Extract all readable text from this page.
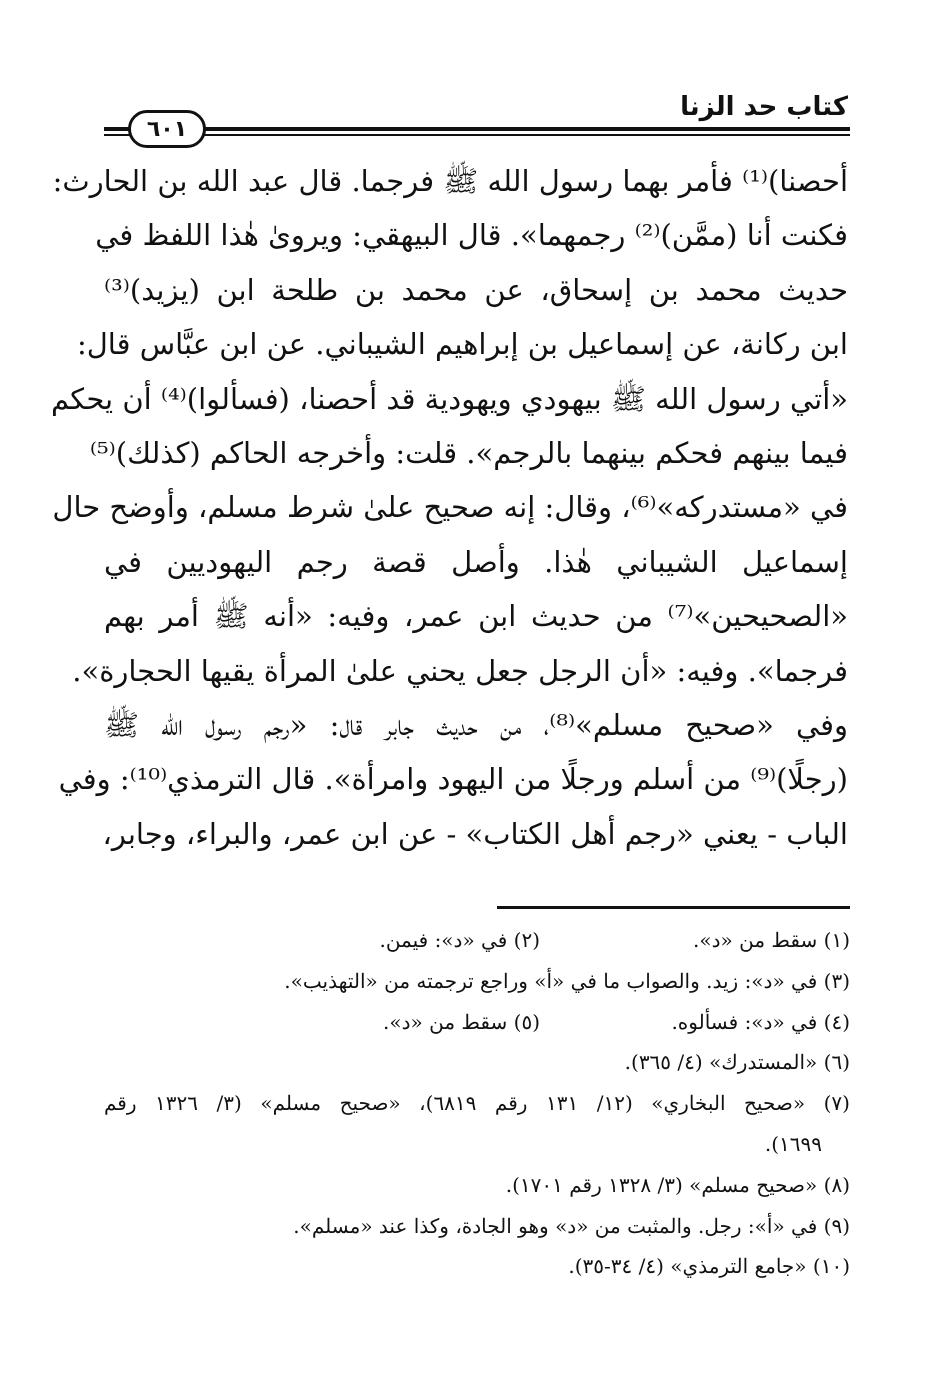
كتاب حد الزنا
٦٠١
أحصنا)⁽¹⁾ فأمر بهما رسول الله ﷺ فرجما. قال عبد الله بن الحارث:
فكنت أنا (ممَّن)⁽²⁾ رجمهما». قال البيهقي: ويروىٰ هٰذا اللفظ في
حديث محمد بن إسحاق، عن محمد بن طلحة ابن (يزيد)⁽³⁾
ابن ركانة، عن إسماعيل بن إبراهيم الشيباني. عن ابن عبَّاس قال:
«أتي رسول الله ﷺ بيهودي ويهودية قد أحصنا، (فسألوا)⁽⁴⁾ أن يحكم
فيما بينهم فحكم بينهما بالرجم». قلت: وأخرجه الحاكم (كذلك)⁽⁵⁾
في «مستدركه»⁽⁶⁾، وقال: إنه صحيح علىٰ شرط مسلم، وأوضح حال
إسماعيل الشيباني هٰذا. وأصل قصة رجم اليهوديين في
«الصحيحين»⁽⁷⁾ من حديث ابن عمر، وفيه: «أنه ﷺ أمر بهم
فرجما». وفيه: «أن الرجل جعل يحني علىٰ المرأة يقيها الحجارة».
وفي «صحيح مسلم»⁽⁸⁾، من حديث جابر قال: «رجم رسول الله ﷺ
(رجلًا)⁽⁹⁾ من أسلم ورجلًا من اليهود وامرأة». قال الترمذي⁽¹⁰⁾: وفي
الباب - يعني «رجم أهل الكتاب» - عن ابن عمر، والبراء، وجابر،
(١) سقط من «د».
(٢) في «د»: فيمن.
(٣) في «د»: زيد. والصواب ما في «أ» وراجع ترجمته من «التهذيب».
(٤) في «د»: فسألوه.
(٥) سقط من «د».
(٦) «المستدرك» (٤/ ٣٦٥).
(٧) «صحيح البخاري» (١٢/ ١٣١ رقم ٦٨١٩)، «صحيح مسلم» (٣/ ١٣٢٦ رقم
١٦٩٩).
(٨) «صحيح مسلم» (٣/ ١٣٢٨ رقم ١٧٠١).
(٩) في «أ»: رجل. والمثبت من «د» وهو الجادة، وكذا عند «مسلم».
(١٠) «جامع الترمذي» (٤/ ٣٤-٣٥).
